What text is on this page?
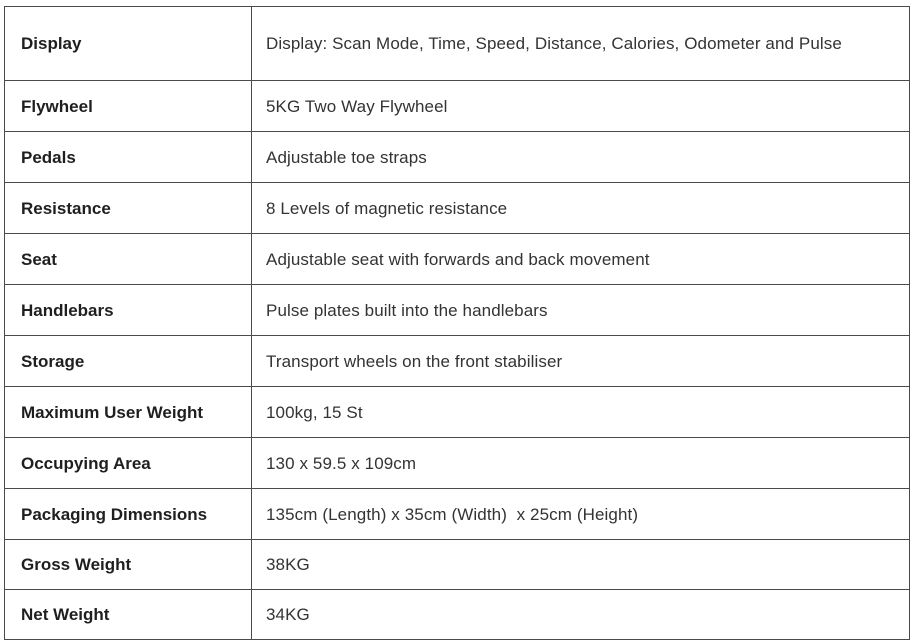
Display	Display: Scan Mode, Time, Speed, Distance, Calories, Odometer and Pulse
Flywheel	5KG Two Way Flywheel
Pedals	Adjustable toe straps
Resistance	8 Levels of magnetic resistance
Seat	Adjustable seat with forwards and back movement
Handlebars	Pulse plates built into the handlebars
Storage	Transport wheels on the front stabiliser
Maximum User Weight	100kg, 15 St
Occupying Area	130 x 59.5 x 109cm
Packaging Dimensions	135cm (Length) x 35cm (Width)  x 25cm (Height)
Gross Weight	38KG
Net Weight	34KG
